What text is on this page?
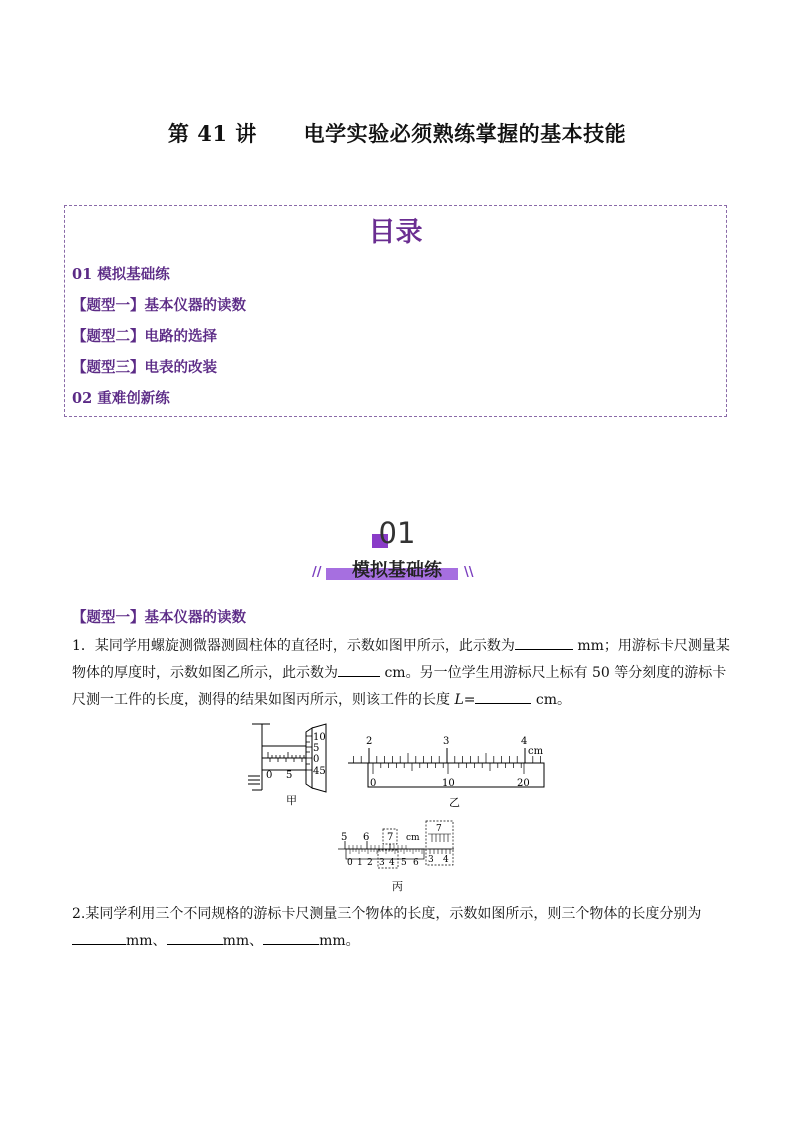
第 41 讲      电学实验必须熟练掌握的基本技能
目录
01 模拟基础练
【题型一】基本仪器的读数
【题型二】电路的选择
【题型三】电表的改装
02 重难创新练
01
模拟基础练
//	\\
【题型一】基本仪器的读数
1．某同学用螺旋测微器测圆柱体的直径时，示数如图甲所示，此示数为	mm；用游标卡尺测量某
物体的厚度时，示数如图乙所示，此示数为	cm。另一位学生用游标尺上标有 50 等分刻度的游标卡
尺测一工件的长度，测得的结果如图丙所示，则该工件的长度 L=	cm。
10
5
0
45
0 5
甲
2	3	4
cm
0	10	20
乙
5 6 7 cm
0 1 2 3 4 5 6
7
3 4
丙
2.某同学利用三个不同规格的游标卡尺测量三个物体的长度，示数如图所示，则三个物体的长度分别为
mm、	mm、	mm。
